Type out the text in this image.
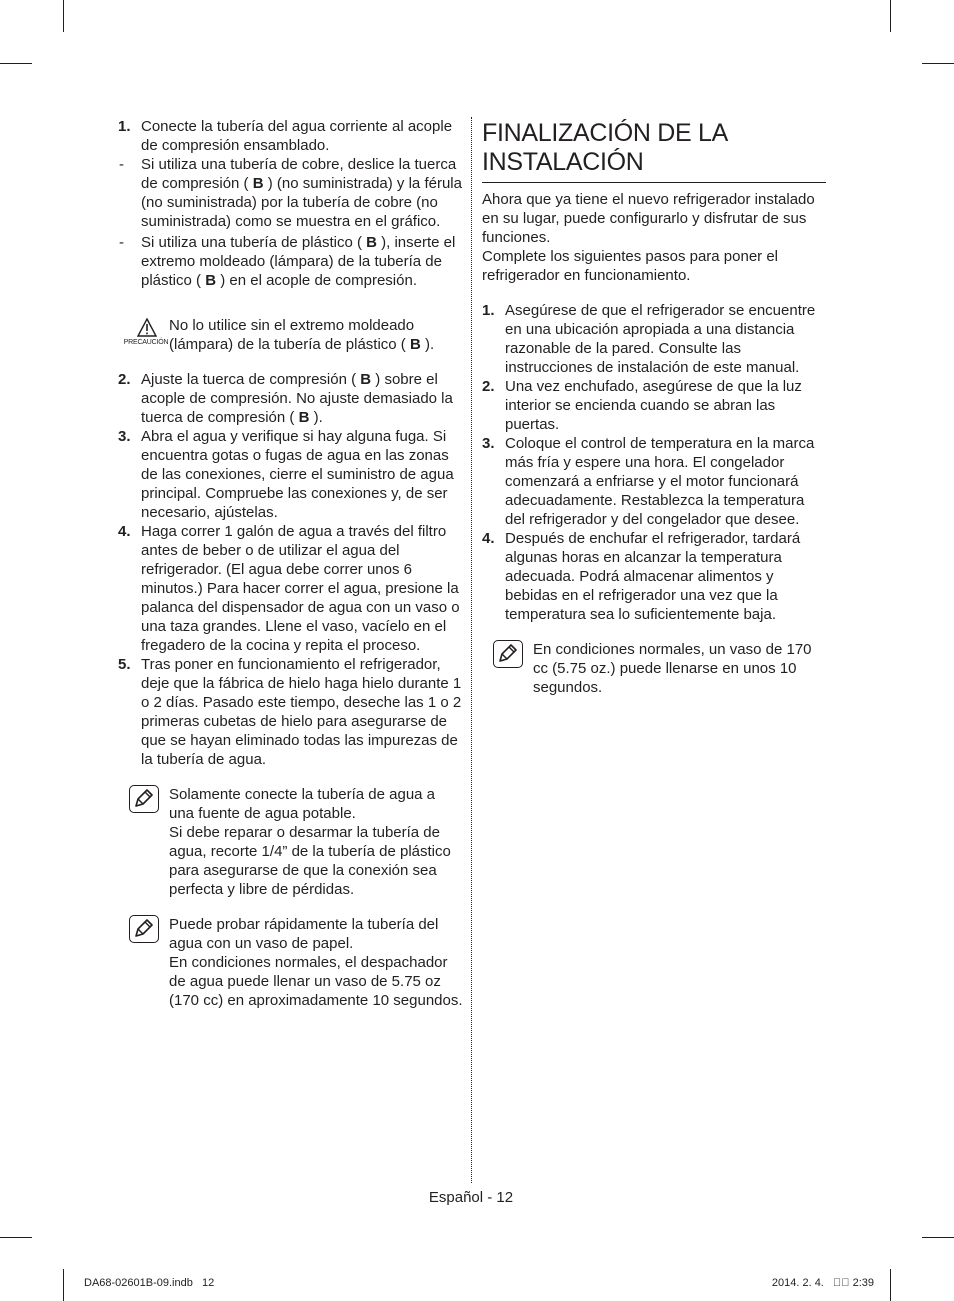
1. Conecte la tubería del agua corriente al acople de compresión ensamblado.
- Si utiliza una tubería de cobre, deslice la tuerca de compresión ( B ) (no suministrada) y la férula (no suministrada) por la tubería de cobre (no suministrada) como se muestra en el gráfico.
- Si utiliza una tubería de plástico ( B ), inserte el extremo moldeado (lámpara) de la tubería de plástico ( B ) en el acople de compresión.
PRECAUCIÓN
No lo utilice sin el extremo moldeado (lámpara) de la tubería de plástico ( B ).
2. Ajuste la tuerca de compresión ( B ) sobre el acople de compresión. No ajuste demasiado la tuerca de compresión ( B ).
3. Abra el agua y verifique si hay alguna fuga. Si encuentra gotas o fugas de agua en las zonas de las conexiones, cierre el suministro de agua principal. Compruebe las conexiones y, de ser necesario, ajústelas.
4. Haga correr 1 galón de agua a través del filtro antes de beber o de utilizar el agua del refrigerador. (El agua debe correr unos 6 minutos.) Para hacer correr el agua, presione la palanca del dispensador de agua con un vaso o una taza grandes. Llene el vaso, vacíelo en el fregadero de la cocina y repita el proceso.
5. Tras poner en funcionamiento el refrigerador, deje que la fábrica de hielo haga hielo durante 1 o 2 días. Pasado este tiempo, deseche las 1 o 2 primeras cubetas de hielo para asegurarse de que se hayan eliminado todas las impurezas de la tubería de agua.
Solamente conecte la tubería de agua a una fuente de agua potable.
Si debe reparar o desarmar la tubería de agua, recorte 1/4” de la tubería de plástico para asegurarse de que la conexión sea perfecta y libre de pérdidas.
Puede probar rápidamente la tubería del agua con un vaso de papel.
En condiciones normales, el despachador de agua puede llenar un vaso de 5.75 oz (170 cc) en aproximadamente 10 segundos.
FINALIZACIÓN DE LA INSTALACIÓN
Ahora que ya tiene el nuevo refrigerador instalado en su lugar, puede configurarlo y disfrutar de sus funciones.
Complete los siguientes pasos para poner el refrigerador en funcionamiento.
1. Asegúrese de que el refrigerador se encuentre en una ubicación apropiada a una distancia razonable de la pared. Consulte las instrucciones de instalación de este manual.
2. Una vez enchufado, asegúrese de que la luz interior se encienda cuando se abran las puertas.
3. Coloque el control de temperatura en la marca más fría y espere una hora. El congelador comenzará a enfriarse y el motor funcionará adecuadamente. Restablezca la temperatura del refrigerador y del congelador que desee.
4. Después de enchufar el refrigerador, tardará algunas horas en alcanzar la temperatura adecuada. Podrá almacenar alimentos y bebidas en el refrigerador una vez que la temperatura sea lo suficientemente baja.
En condiciones normales, un vaso de 170 cc (5.75 oz.) puede llenarse en unos 10 segundos.
Español - 12
DA68-02601B-09.indb   12	2014. 2. 4.   ￿￿ 2:39
